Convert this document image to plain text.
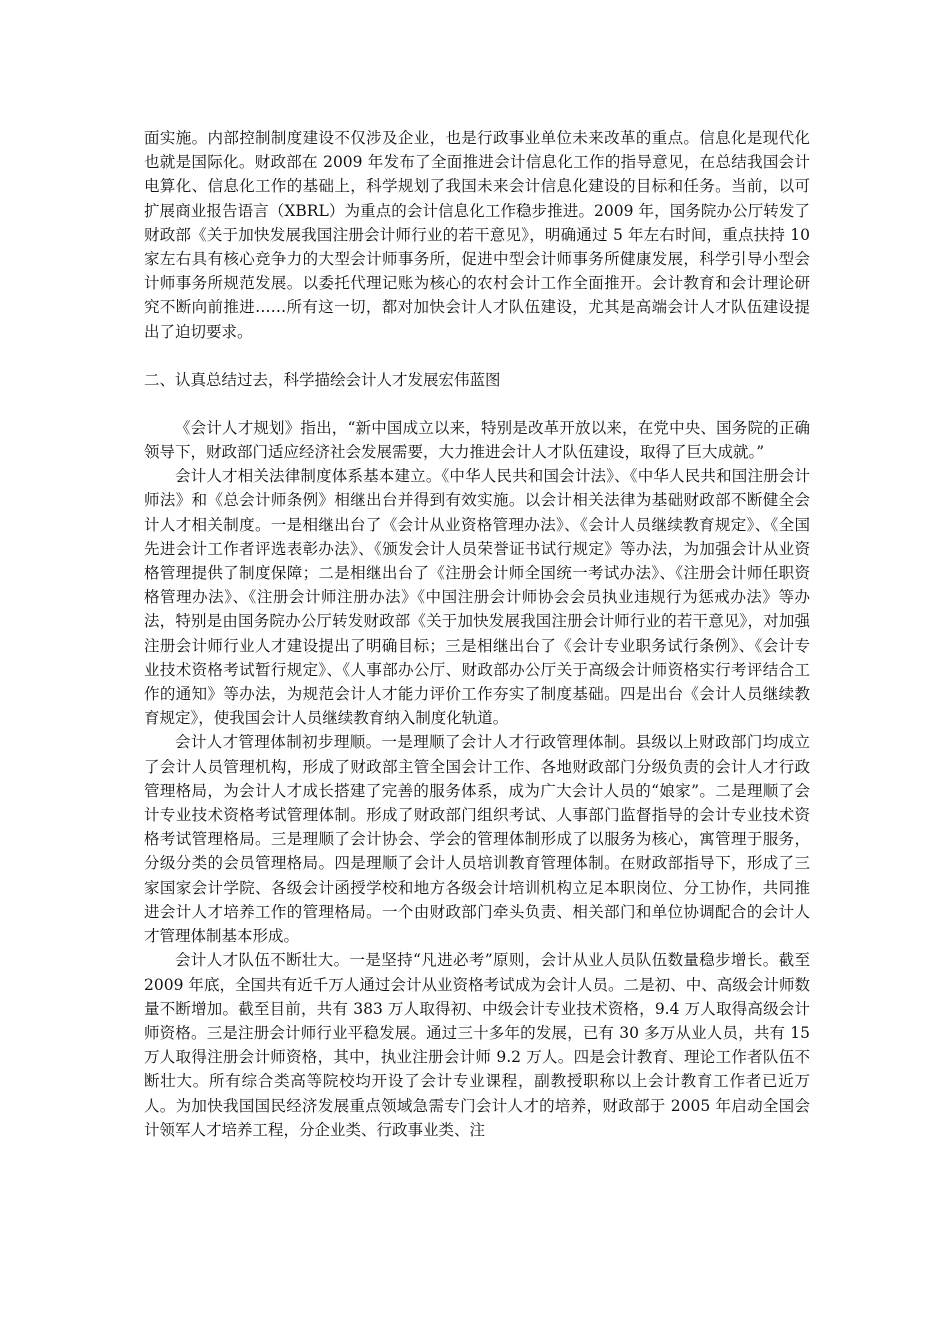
面实施。内部控制制度建设不仅涉及企业，也是行政事业单位未来改革的重点。信息化是现代化也就是国际化。财政部在 2009 年发布了全面推进会计信息化工作的指导意见，在总结我国会计电算化、信息化工作的基础上，科学规划了我国未来会计信息化建设的目标和任务。当前，以可扩展商业报告语言（XBRL）为重点的会计信息化工作稳步推进。2009 年，国务院办公厅转发了财政部《关于加快发展我国注册会计师行业的若干意见》，明确通过 5 年左右时间，重点扶持 10 家左右具有核心竞争力的大型会计师事务所，促进中型会计师事务所健康发展，科学引导小型会计师事务所规范发展。以委托代理记账为核心的农村会计工作全面推开。会计教育和会计理论研究不断向前推进……所有这一切，都对加快会计人才队伍建设，尤其是高端会计人才队伍建设提出了迫切要求。

二、认真总结过去，科学描绘会计人才发展宏伟蓝图

《会计人才规划》指出，“新中国成立以来，特别是改革开放以来，在党中央、国务院的正确领导下，财政部门适应经济社会发展需要，大力推进会计人才队伍建设，取得了巨大成就。”

会计人才相关法律制度体系基本建立。《中华人民共和国会计法》、《中华人民共和国注册会计师法》和《总会计师条例》相继出台并得到有效实施。以会计相关法律为基础财政部不断健全会计人才相关制度。一是相继出台了《会计从业资格管理办法》、《会计人员继续教育规定》、《全国先进会计工作者评选表彰办法》、《颁发会计人员荣誉证书试行规定》等办法，为加强会计从业资格管理提供了制度保障；二是相继出台了《注册会计师全国统一考试办法》、《注册会计师任职资格管理办法》、《注册会计师注册办法》《中国注册会计师协会会员执业违规行为惩戒办法》等办法，特别是由国务院办公厅转发财政部《关于加快发展我国注册会计师行业的若干意见》，对加强注册会计师行业人才建设提出了明确目标；三是相继出台了《会计专业职务试行条例》、《会计专业技术资格考试暂行规定》、《人事部办公厅、财政部办公厅关于高级会计师资格实行考评结合工作的通知》等办法，为规范会计人才能力评价工作夯实了制度基础。四是出台《会计人员继续教育规定》，使我国会计人员继续教育纳入制度化轨道。

会计人才管理体制初步理顺。一是理顺了会计人才行政管理体制。县级以上财政部门均成立了会计人员管理机构，形成了财政部主管全国会计工作、各地财政部门分级负责的会计人才行政管理格局，为会计人才成长搭建了完善的服务体系，成为广大会计人员的“娘家”。二是理顺了会计专业技术资格考试管理体制。形成了财政部门组织考试、人事部门监督指导的会计专业技术资格考试管理格局。三是理顺了会计协会、学会的管理体制形成了以服务为核心，寓管理于服务，分级分类的会员管理格局。四是理顺了会计人员培训教育管理体制。在财政部指导下，形成了三家国家会计学院、各级会计函授学校和地方各级会计培训机构立足本职岗位、分工协作，共同推进会计人才培养工作的管理格局。一个由财政部门牵头负责、相关部门和单位协调配合的会计人才管理体制基本形成。

会计人才队伍不断壮大。一是坚持“凡进必考”原则，会计从业人员队伍数量稳步增长。截至 2009 年底，全国共有近千万人通过会计从业资格考试成为会计人员。二是初、中、高级会计师数量不断增加。截至目前，共有 383 万人取得初、中级会计专业技术资格，9.4 万人取得高级会计师资格。三是注册会计师行业平稳发展。通过三十多年的发展，已有 30 多万从业人员，共有 15 万人取得注册会计师资格，其中，执业注册会计师 9.2 万人。四是会计教育、理论工作者队伍不断壮大。所有综合类高等院校均开设了会计专业课程，副教授职称以上会计教育工作者已近万人。为加快我国国民经济发展重点领域急需专门会计人才的培养，财政部于 2005 年启动全国会计领军人才培养工程，分企业类、行政事业类、注
